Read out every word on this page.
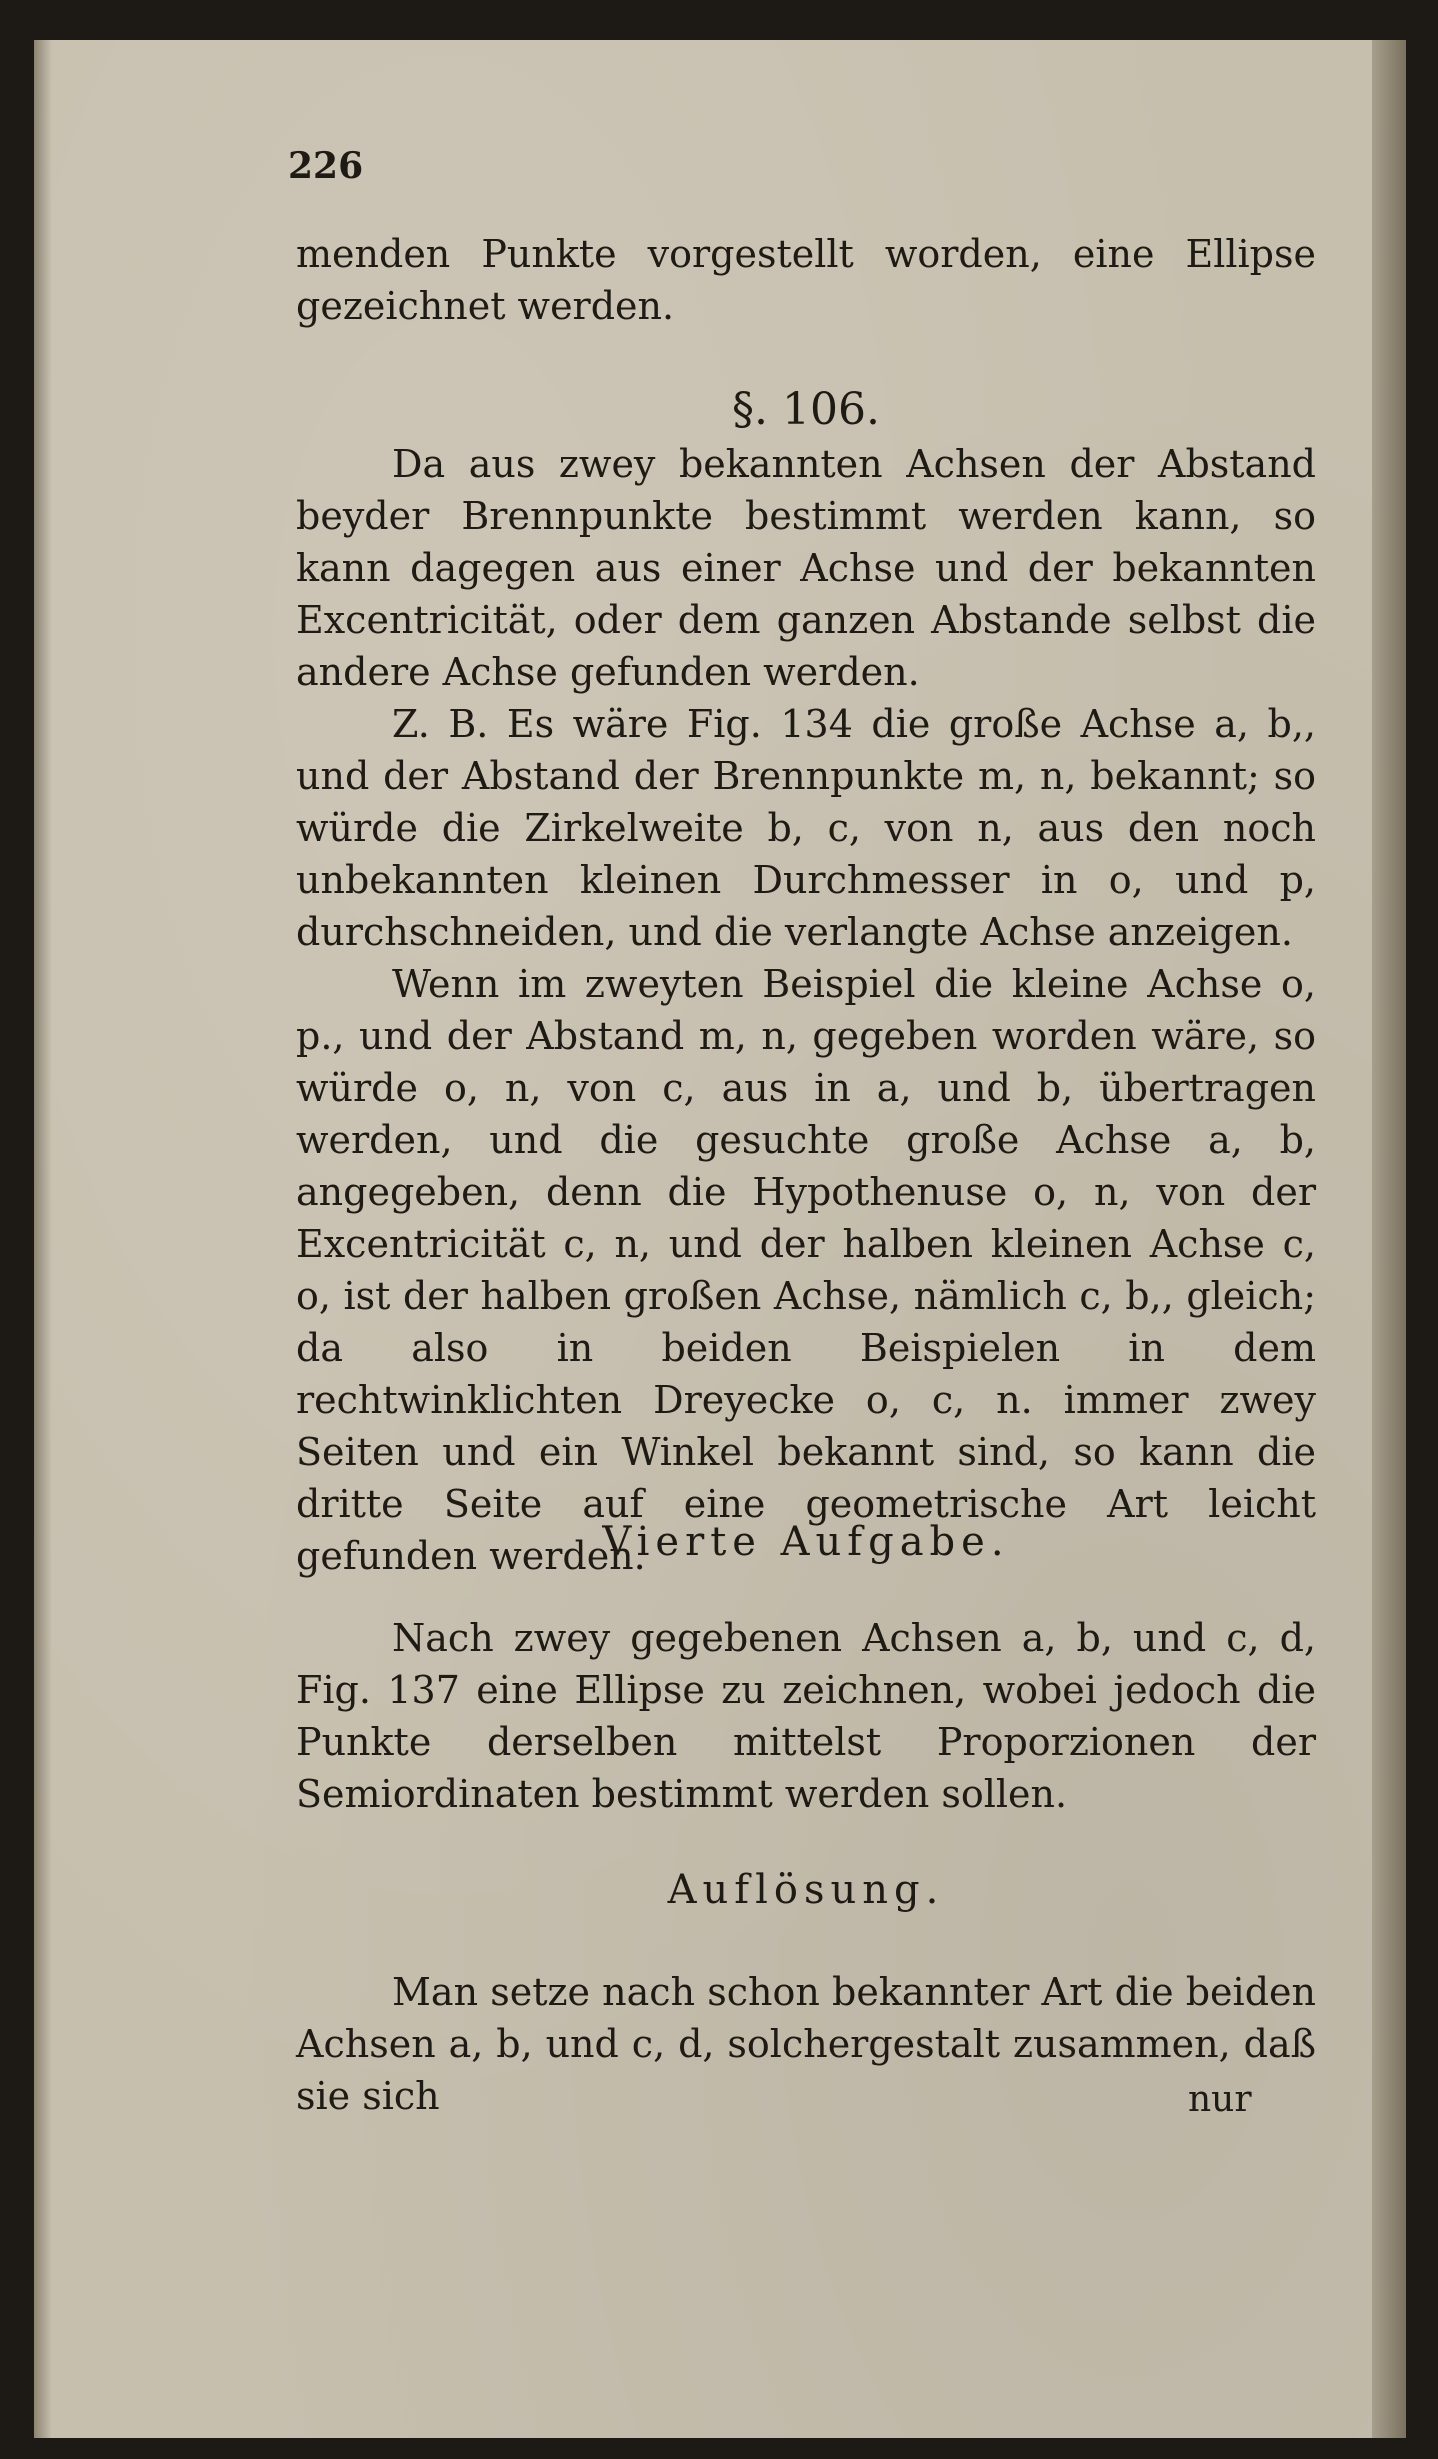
226

menden Punkte vorgestellt worden, eine Ellipse gezeichnet werden.

§. 106.

Da aus zwey bekannten Achsen der Abstand beyder Brennpunkte bestimmt werden kann, so kann dagegen aus einer Achse und der bekannten Excentricität, oder dem ganzen Abstande selbst die andere Achse gefunden werden.

Z. B. Es wäre Fig. 134 die große Achse a, b,, und der Abstand der Brennpunkte m, n, bekannt; so würde die Zirkelweite b, c, von n, aus den noch unbekannten kleinen Durchmesser in o, und p, durchschneiden, und die verlangte Achse anzeigen.

Wenn im zweyten Beispiel die kleine Achse o, p., und der Abstand m, n, gegeben worden wäre, so würde o, n, von c, aus in a, und b, übertragen werden, und die gesuchte große Achse a, b, angegeben, denn die Hypothenuse o, n, von der Excentricität c, n, und der halben kleinen Achse c, o, ist der halben großen Achse, nämlich c, b,, gleich; da also in beiden Beispielen in dem rechtwinklichten Dreyecke o, c, n. immer zwey Seiten und ein Winkel bekannt sind, so kann die dritte Seite auf eine geometrische Art leicht gefunden werden.

Vierte Aufgabe.

Nach zwey gegebenen Achsen a, b, und c, d, Fig. 137 eine Ellipse zu zeichnen, wobei jedoch die Punkte derselben mittelst Proporzionen der Semiordinaten bestimmt werden sollen.

Auflösung.

Man setze nach schon bekannter Art die beiden Achsen a, b, und c, d, solchergestalt zusammen, daß sie sich	nur
